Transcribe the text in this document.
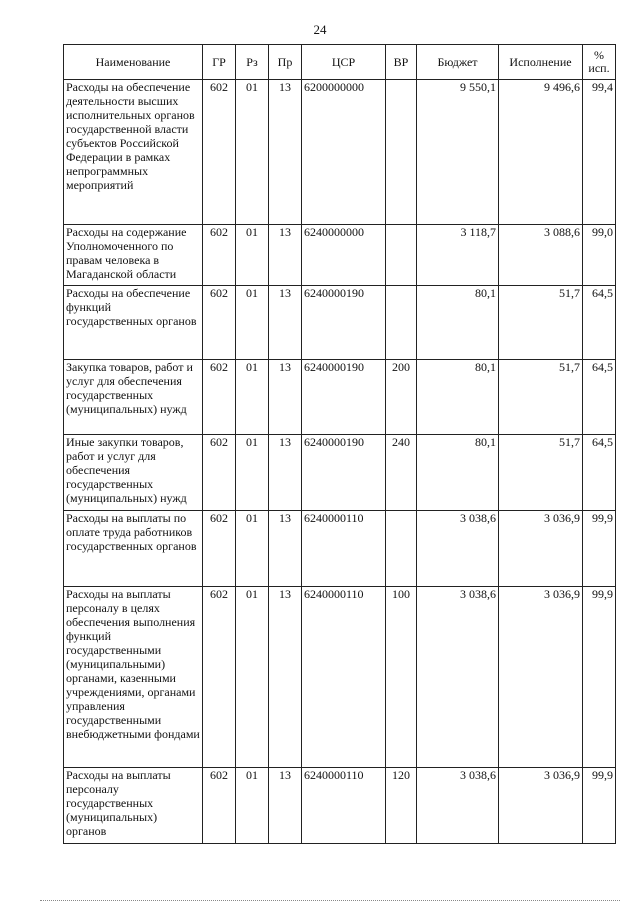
24
Наименование	ГР	Рз	Пр	ЦСР	ВР	Бюджет	Исполнение	%
исп.
Расходы на обеспечение деятельности высших исполнительных органов государственной власти субъектов Российской Федерации в рамках непрограммных мероприятий	602	01	13	6200000000		9 550,1	9 496,6	99,4
Расходы на содержание Уполномоченного по правам человека в Магаданской области	602	01	13	6240000000		3 118,7	3 088,6	99,0
Расходы на обеспечение функций государственных органов	602	01	13	6240000190		80,1	51,7	64,5
Закупка товаров, работ и услуг для обеспечения государственных (муниципальных) нужд	602	01	13	6240000190	200	80,1	51,7	64,5
Иные закупки товаров, работ и услуг для обеспечения государственных (муниципальных) нужд	602	01	13	6240000190	240	80,1	51,7	64,5
Расходы на выплаты по оплате труда работников государственных органов	602	01	13	6240000110		3 038,6	3 036,9	99,9
Расходы на выплаты персоналу в целях обеспечения выполнения функций государственными (муниципальными) органами, казенными учреждениями, органами управления государственными внебюджетными фондами	602	01	13	6240000110	100	3 038,6	3 036,9	99,9
Расходы на выплаты персоналу государственных (муниципальных) органов	602	01	13	6240000110	120	3 038,6	3 036,9	99,9
